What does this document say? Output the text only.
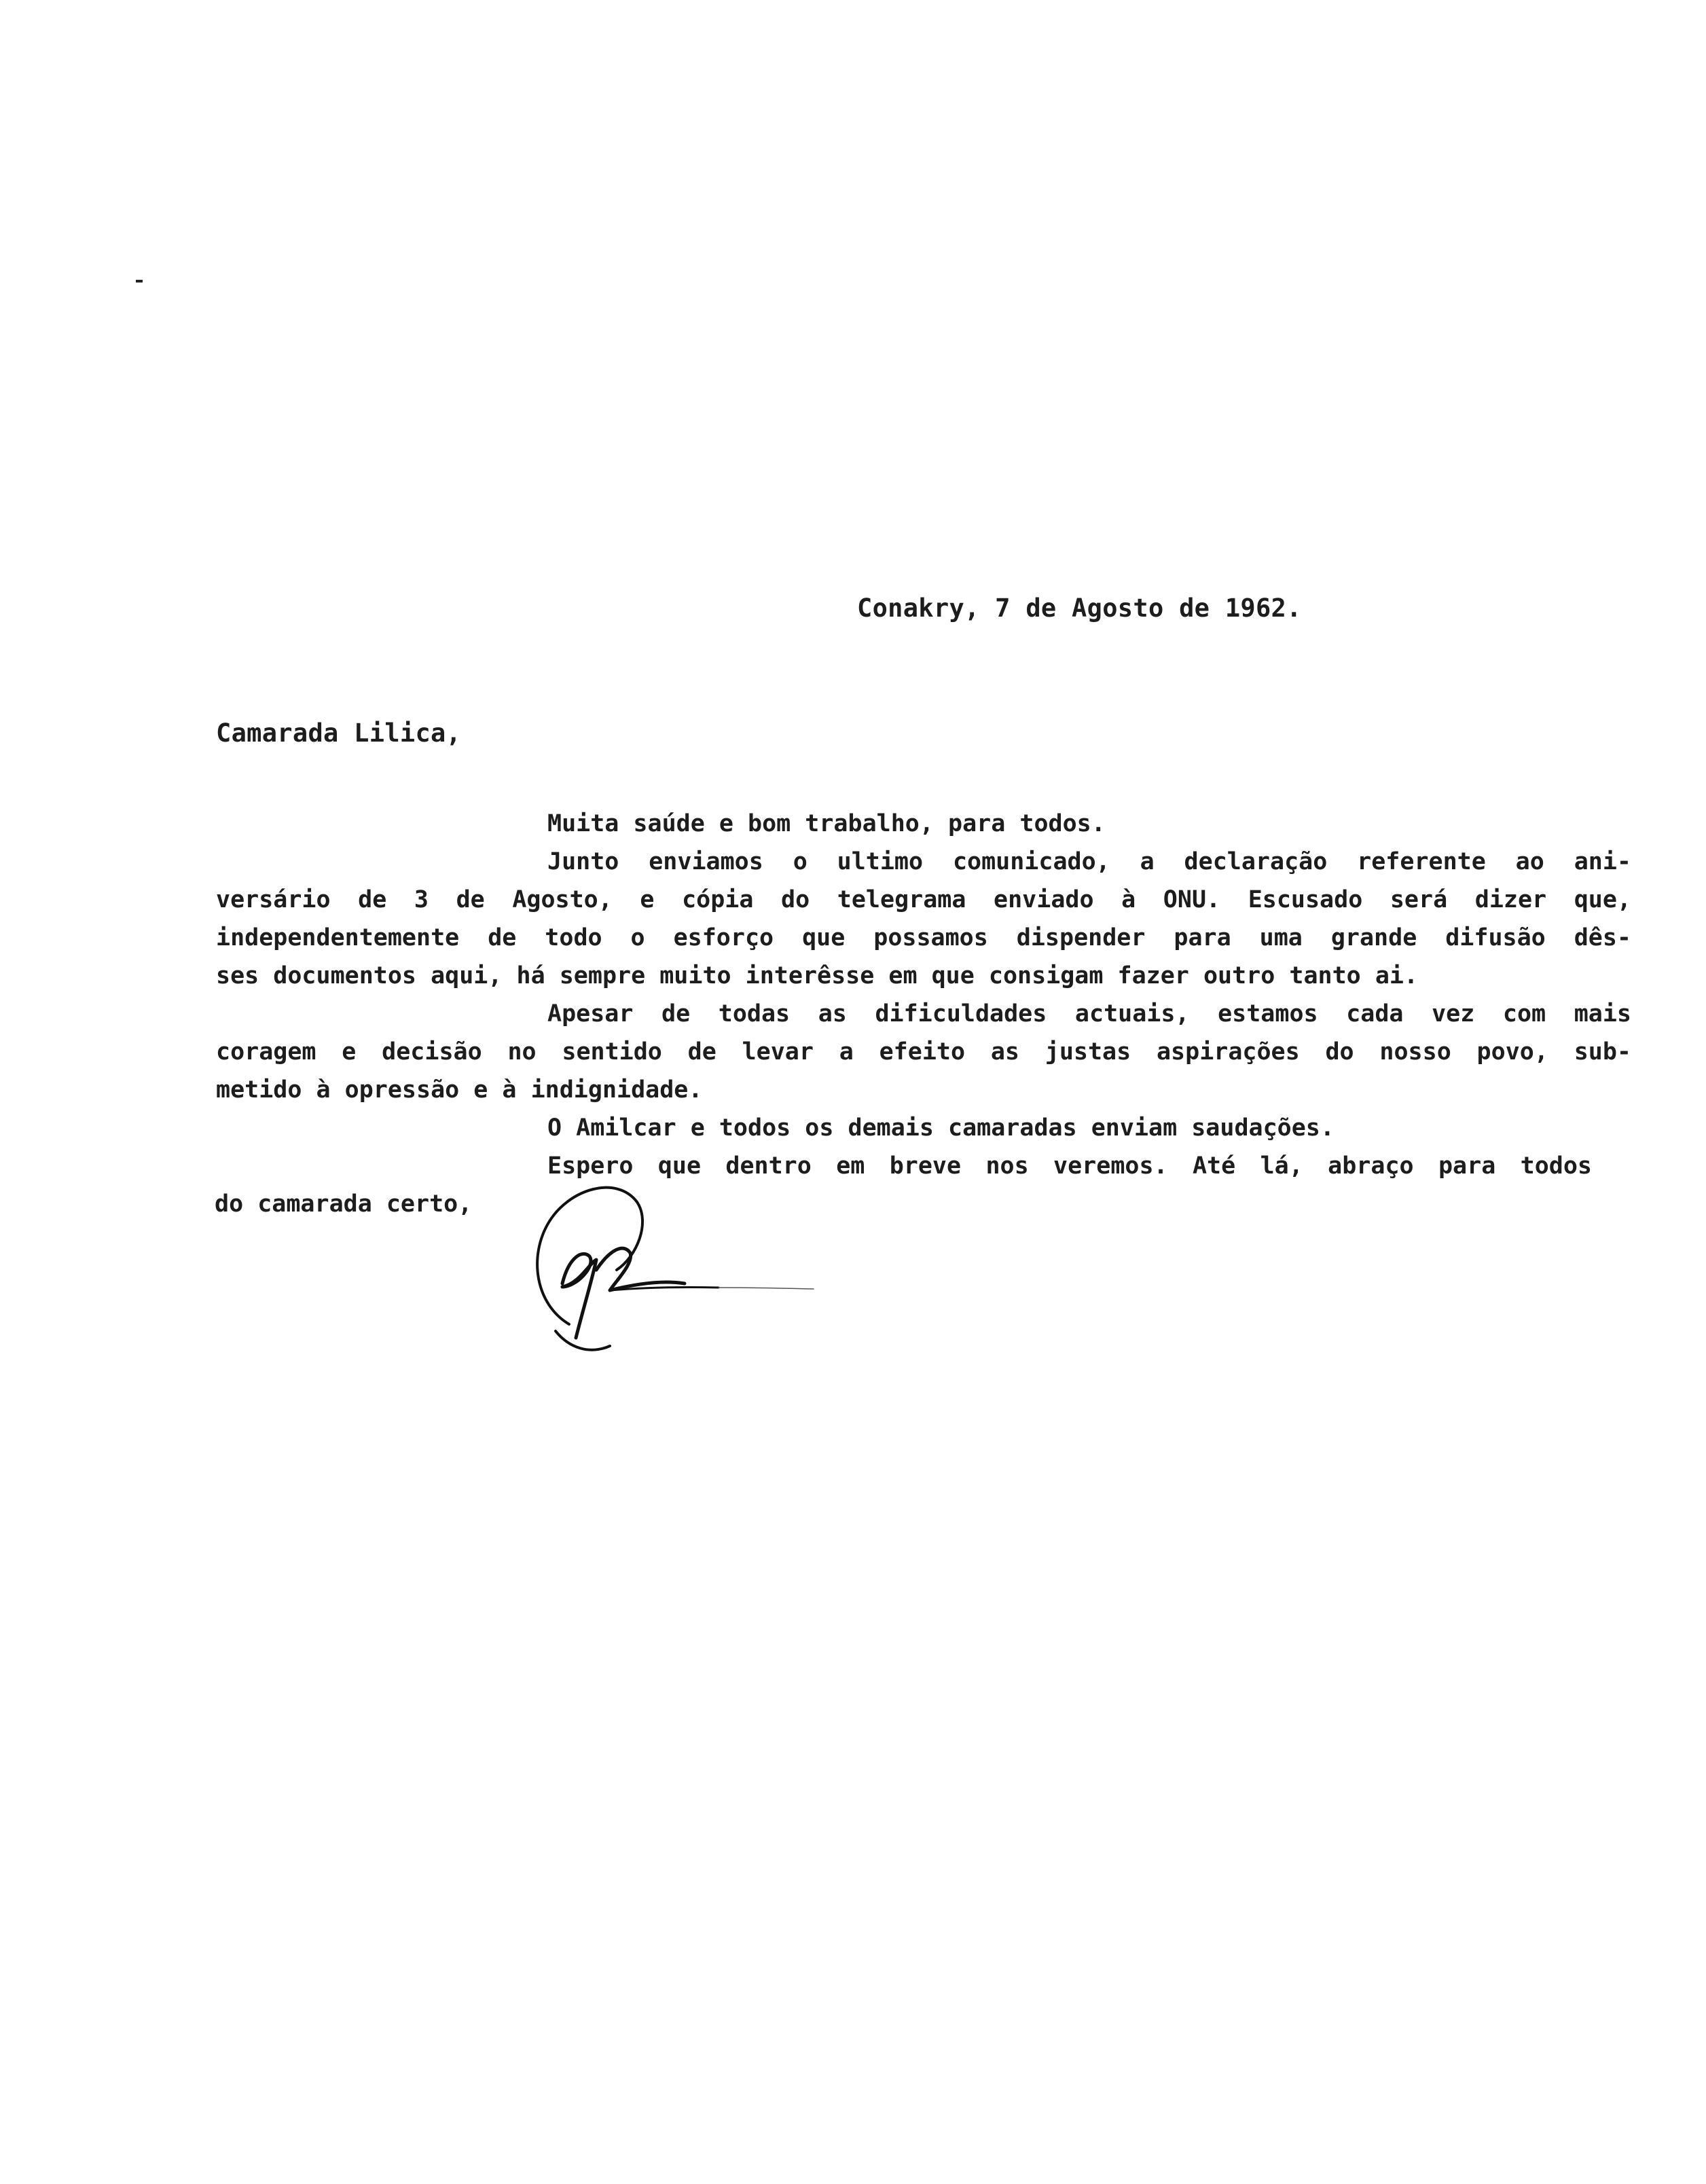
Conakry, 7 de Agosto de 1962.
Camarada Lilica,
Muita saúde e bom trabalho, para todos.
Junto enviamos o ultimo comunicado, a declaração referente ao ani-
versário de 3 de Agosto, e cópia do telegrama enviado à ONU. Escusado será dizer que,
independentemente de todo o esforço que possamos dispender para uma grande difusão dês-
ses documentos aqui, há sempre muito interêsse em que consigam fazer outro tanto ai.
Apesar de todas as dificuldades actuais, estamos cada vez com mais
coragem e decisão no sentido de levar a efeito as justas aspirações do nosso povo, sub-
metido à opressão e à indignidade.
O Amilcar e todos os demais camaradas enviam saudações.
Espero que dentro em breve nos veremos. Até lá, abraço para todos
do camarada certo,
